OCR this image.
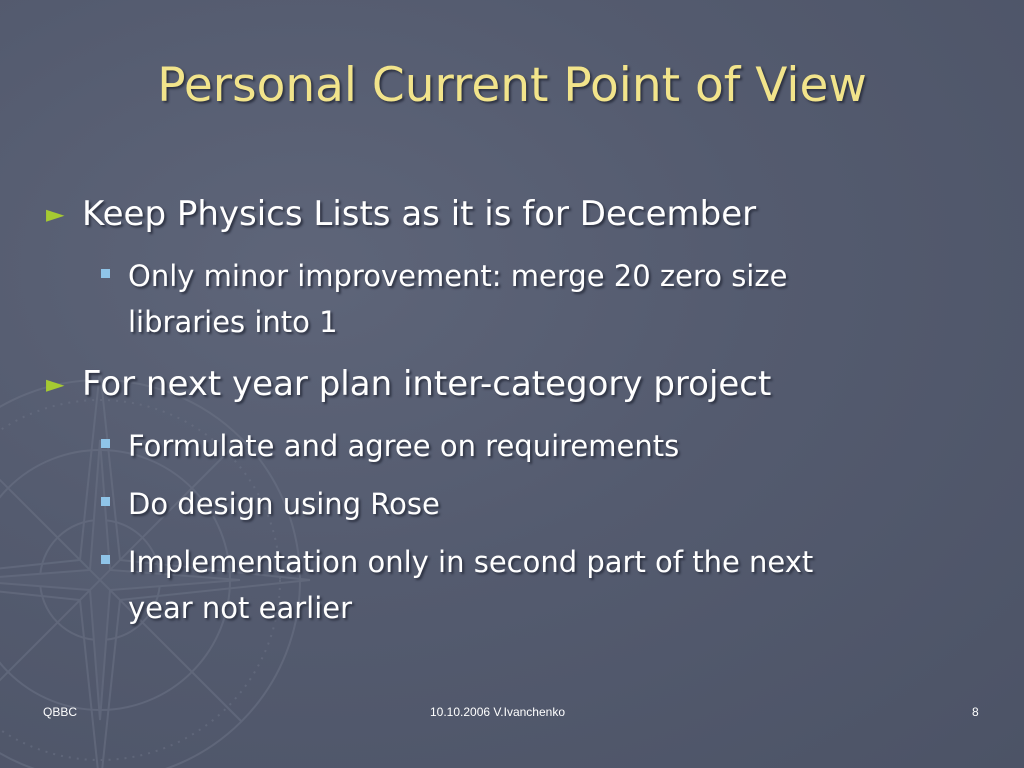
Personal Current Point of View
► Keep Physics Lists as it is for December
Only minor improvement: merge 20 zero size
libraries into 1
► For next year plan inter-category project
Formulate and agree on requirements
Do design using Rose
Implementation only in second part of the next
year not earlier
QBBC	10.10.2006 V.Ivanchenko	8
